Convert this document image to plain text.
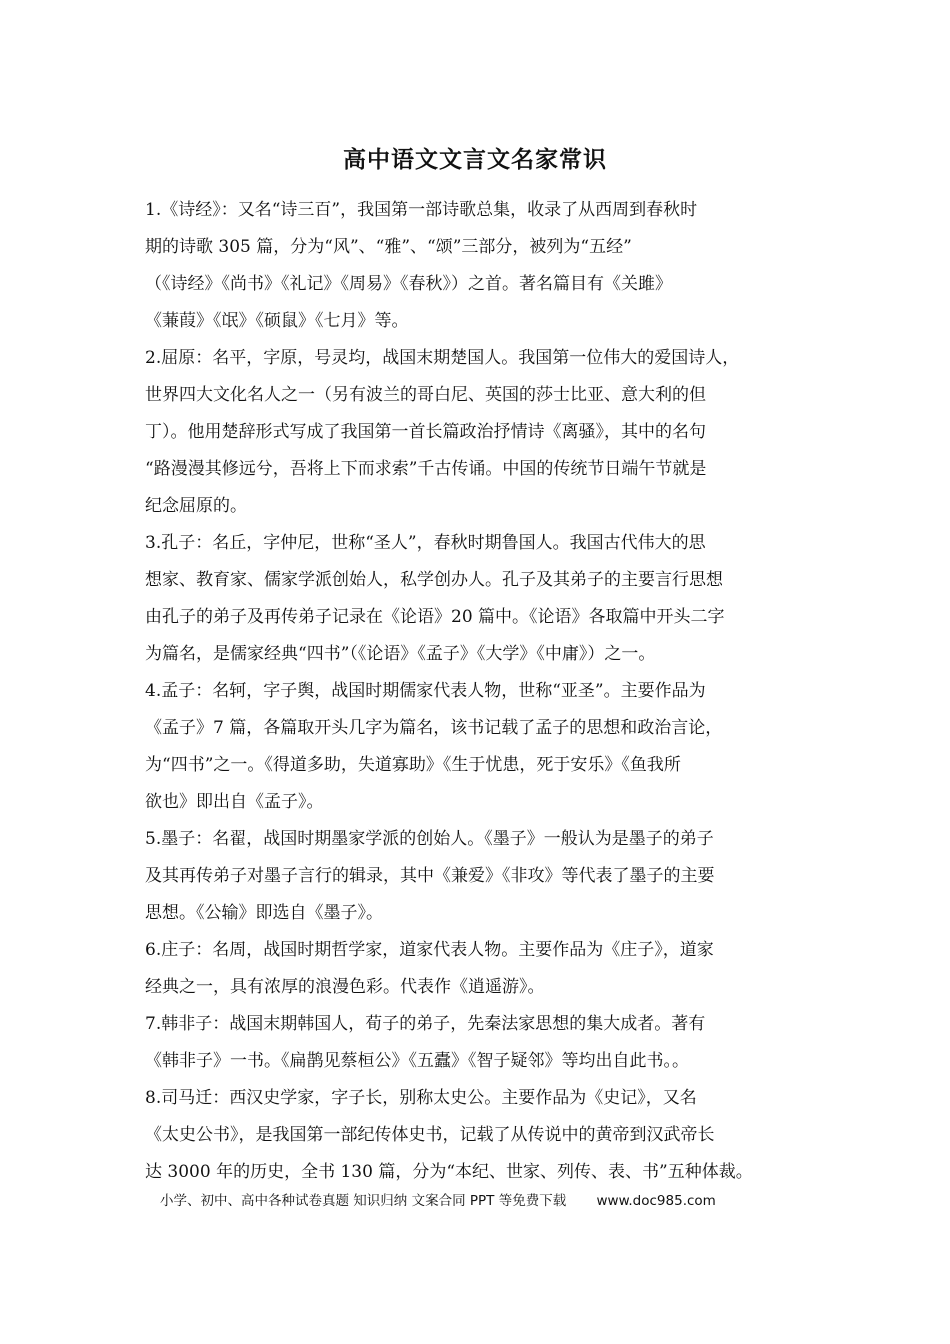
高中语文文言文名家常识
1.《诗经》：又名“诗三百”，我国第一部诗歌总集，收录了从西周到春秋时
期的诗歌 305 篇，分为“风”、“雅”、“颂”三部分，被列为“五经”
（《诗经》《尚书》《礼记》《周易》《春秋》）之首。著名篇目有《关雎》
《蒹葭》《氓》《硕鼠》《七月》等。
2.屈原：名平，字原，号灵均，战国末期楚国人。我国第一位伟大的爱国诗人，
世界四大文化名人之一（另有波兰的哥白尼、英国的莎士比亚、意大利的但
丁）。他用楚辞形式写成了我国第一首长篇政治抒情诗《离骚》，其中的名句
“路漫漫其修远兮，吾将上下而求索”千古传诵。中国的传统节日端午节就是
纪念屈原的。
3.孔子：名丘，字仲尼，世称“圣人”，春秋时期鲁国人。我国古代伟大的思
想家、教育家、儒家学派创始人，私学创办人。孔子及其弟子的主要言行思想
由孔子的弟子及再传弟子记录在《论语》20 篇中。《论语》各取篇中开头二字
为篇名，是儒家经典“四书”（《论语》《孟子》《大学》《中庸》）之一。
4.孟子：名轲，字子舆，战国时期儒家代表人物，世称“亚圣”。主要作品为
《孟子》7 篇，各篇取开头几字为篇名，该书记载了孟子的思想和政治言论，
为“四书”之一。《得道多助，失道寡助》《生于忧患，死于安乐》《鱼我所
欲也》即出自《孟子》。
5.墨子：名翟，战国时期墨家学派的创始人。《墨子》一般认为是墨子的弟子
及其再传弟子对墨子言行的辑录，其中《兼爱》《非攻》等代表了墨子的主要
思想。《公输》即选自《墨子》。
6.庄子：名周，战国时期哲学家，道家代表人物。主要作品为《庄子》，道家
经典之一，具有浓厚的浪漫色彩。代表作《逍遥游》。
7.韩非子：战国末期韩国人，荀子的弟子，先秦法家思想的集大成者。著有
《韩非子》一书。《扁鹊见蔡桓公》《五蠹》《智子疑邻》等均出自此书。。
8.司马迁：西汉史学家，字子长，别称太史公。主要作品为《史记》，又名
《太史公书》，是我国第一部纪传体史书，记载了从传说中的黄帝到汉武帝长
达 3000 年的历史，全书 130 篇，分为“本纪、世家、列传、表、书”五种体裁。
小学、初中、高中各种试卷真题 知识归纳 文案合同 PPT 等免费下载 www.doc985.com
